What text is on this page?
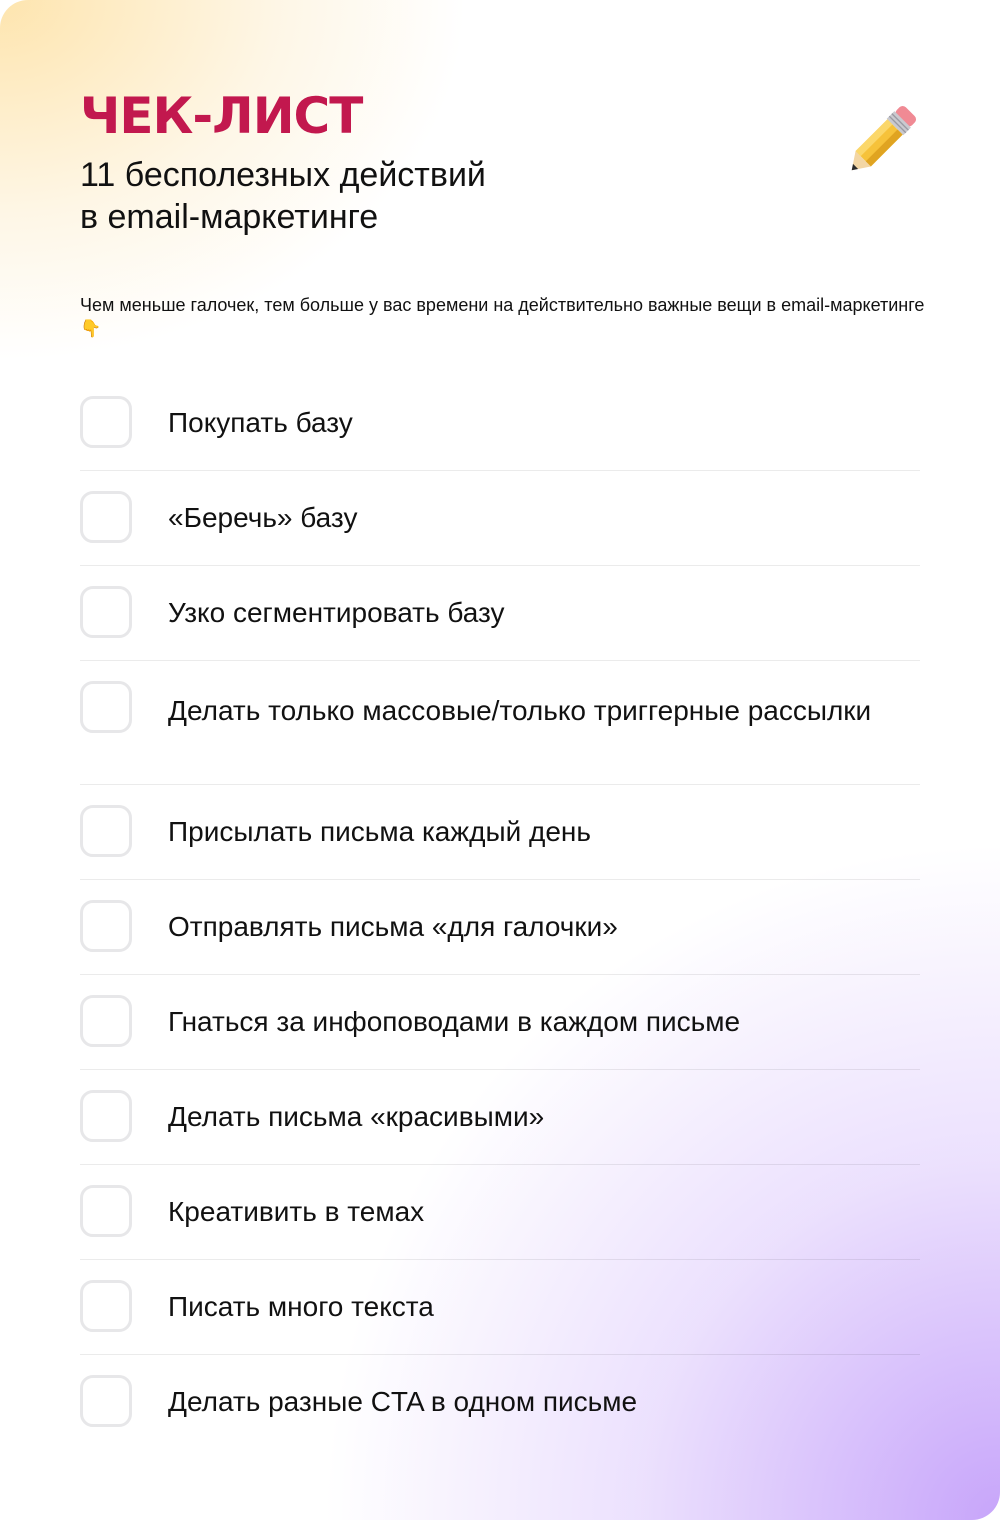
ЧЕК-ЛИСТ
11 бесполезных действий
в email-маркетинге

Чем меньше галочек, тем больше у вас времени на действительно важные вещи в email-маркетинге 👇

Покупать базу
«Беречь» базу
Узко сегментировать базу
Делать только массовые/только триггерные рассылки
Присылать письма каждый день
Отправлять письма «для галочки»
Гнаться за инфоповодами в каждом письме
Делать письма «красивыми»
Креативить в темах
Писать много текста
Делать разные CTA в одном письме
